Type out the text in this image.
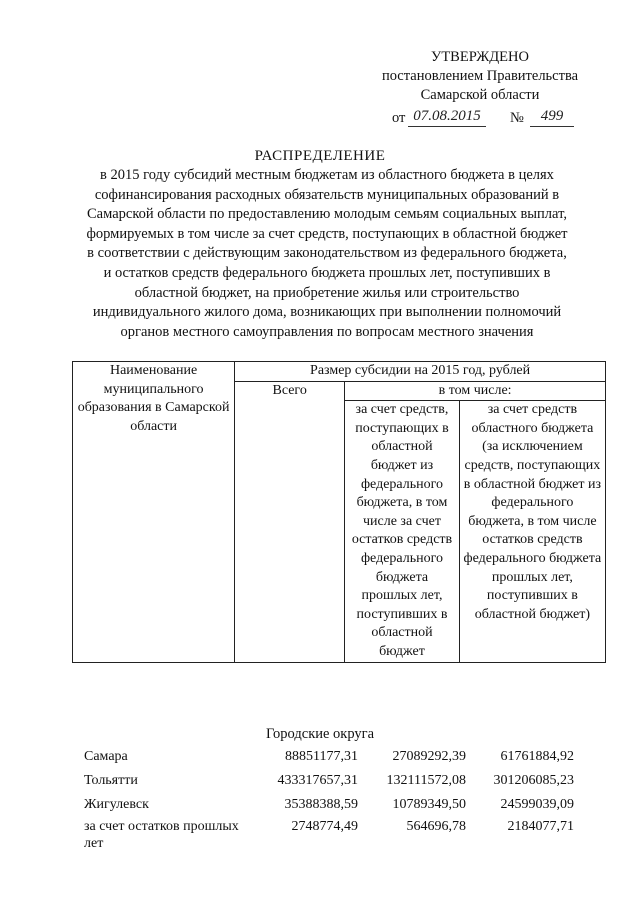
УТВЕРЖДЕНО
постановлением Правительства
Самарской области
от 07.08.2015	№	499
РАСПРЕДЕЛЕНИЕ
в 2015 году субсидий местным бюджетам из областного бюджета в целях софинансирования расходных обязательств муниципальных образований в Самарской области по предоставлению молодым семьям социальных выплат, формируемых в том числе за счет средств, поступающих в областной бюджет в соответствии с действующим законодательством из федерального бюджета, и остатков средств федерального бюджета прошлых лет, поступивших в областной бюджет, на приобретение жилья или строительство индивидуального жилого дома, возникающих при выполнении полномочий органов местного самоуправления по вопросам местного значения
Наименование муниципального образования в Самарской области	Размер субсидии на 2015 год, рублей		
	Всего	в том числе:	
		за счет средств, поступающих в областной бюджет из федерального бюджета, в том числе за счет остатков средств федерального бюджета прошлых лет, поступивших в областной бюджет	за счет средств областного бюджета (за исключением средств, поступающих в областной бюджет из федерального бюджета, в том числе остатков средств федерального бюджета прошлых лет, поступивших в областной бюджет)
Городские округа
Самара	88851177,31	27089292,39	61761884,92
Тольятти	433317657,31	132111572,08	301206085,23
Жигулевск	35388388,59	10789349,50	24599039,09
за счет остатков прошлых лет	2748774,49	564696,78	2184077,71
